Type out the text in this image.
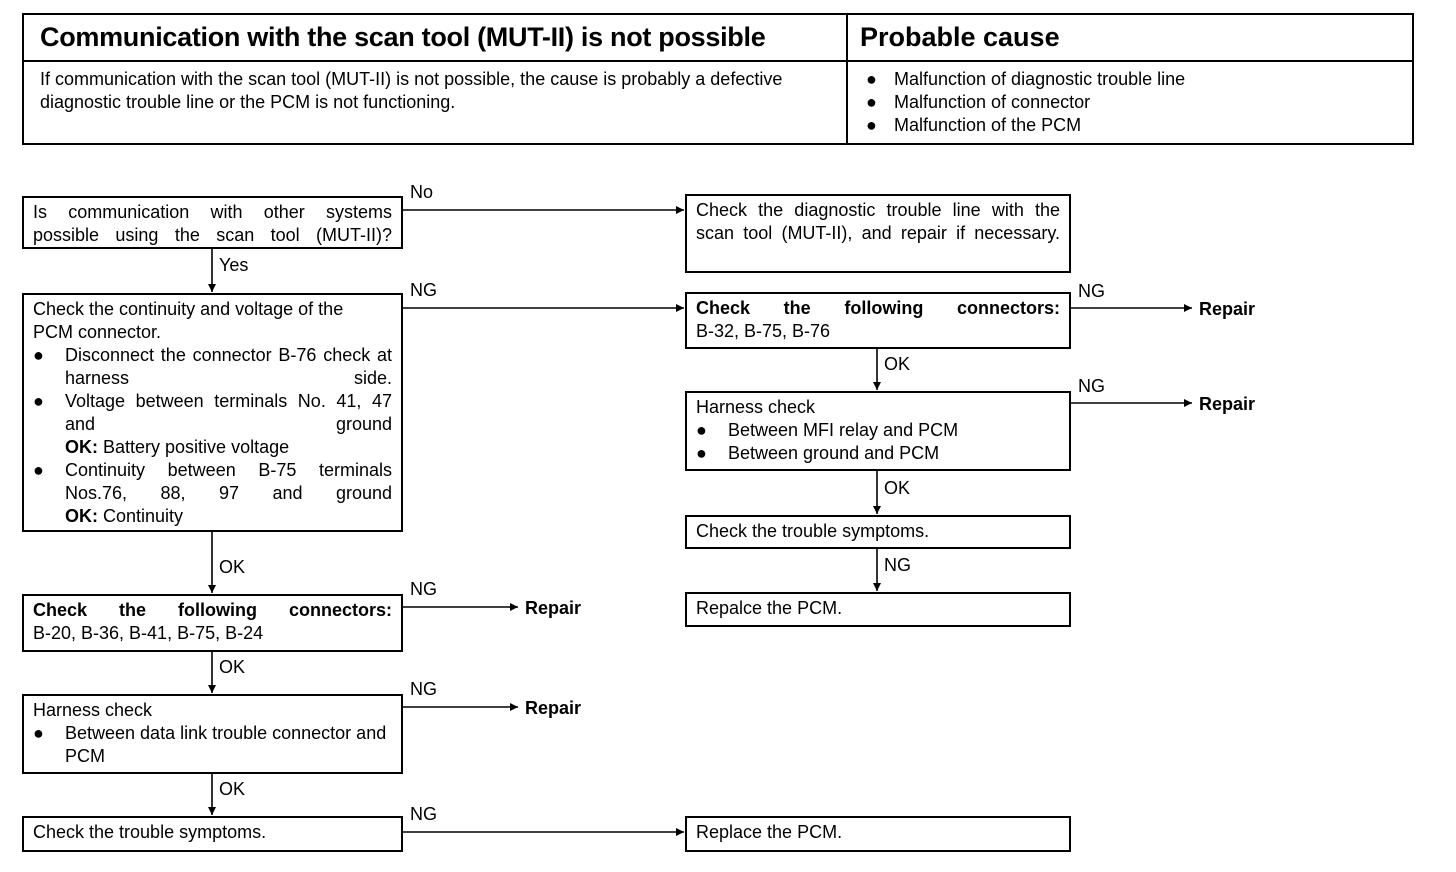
Communication with the scan tool (MUT-II) is not possible	Probable cause
If communication with the scan tool (MUT-II) is not possible, the cause is probably a defective diagnostic trouble line or the PCM is not functioning.
● Malfunction of diagnostic trouble line
● Malfunction of connector
● Malfunction of the PCM
Is communication with other systems possible using the scan tool (MUT-II)?
Check the continuity and voltage of the
PCM connector.
● Disconnect the connector B-76 check at harness side.
● Voltage between terminals No. 41, 47 and ground
OK: Battery positive voltage
● Continuity between B-75 terminals Nos.76, 88, 97 and ground
OK: Continuity
Check the following connectors:
B-20, B-36, B-41, B-75, B-24
Harness check
● Between data link trouble connector and PCM
Check the trouble symptoms.
Check the diagnostic trouble line with the scan tool (MUT-II), and repair if necessary.
Check the following connectors:
B-32, B-75, B-76
Harness check
● Between MFI relay and PCM
● Between ground and PCM
Check the trouble symptoms.
Repalce the PCM.
Replace the PCM.
No
Yes
NG	NG
OK
NG
OK
NG
OK
NG
OK
NG
OK
NG
Repair
Repair
Repair
Repair
